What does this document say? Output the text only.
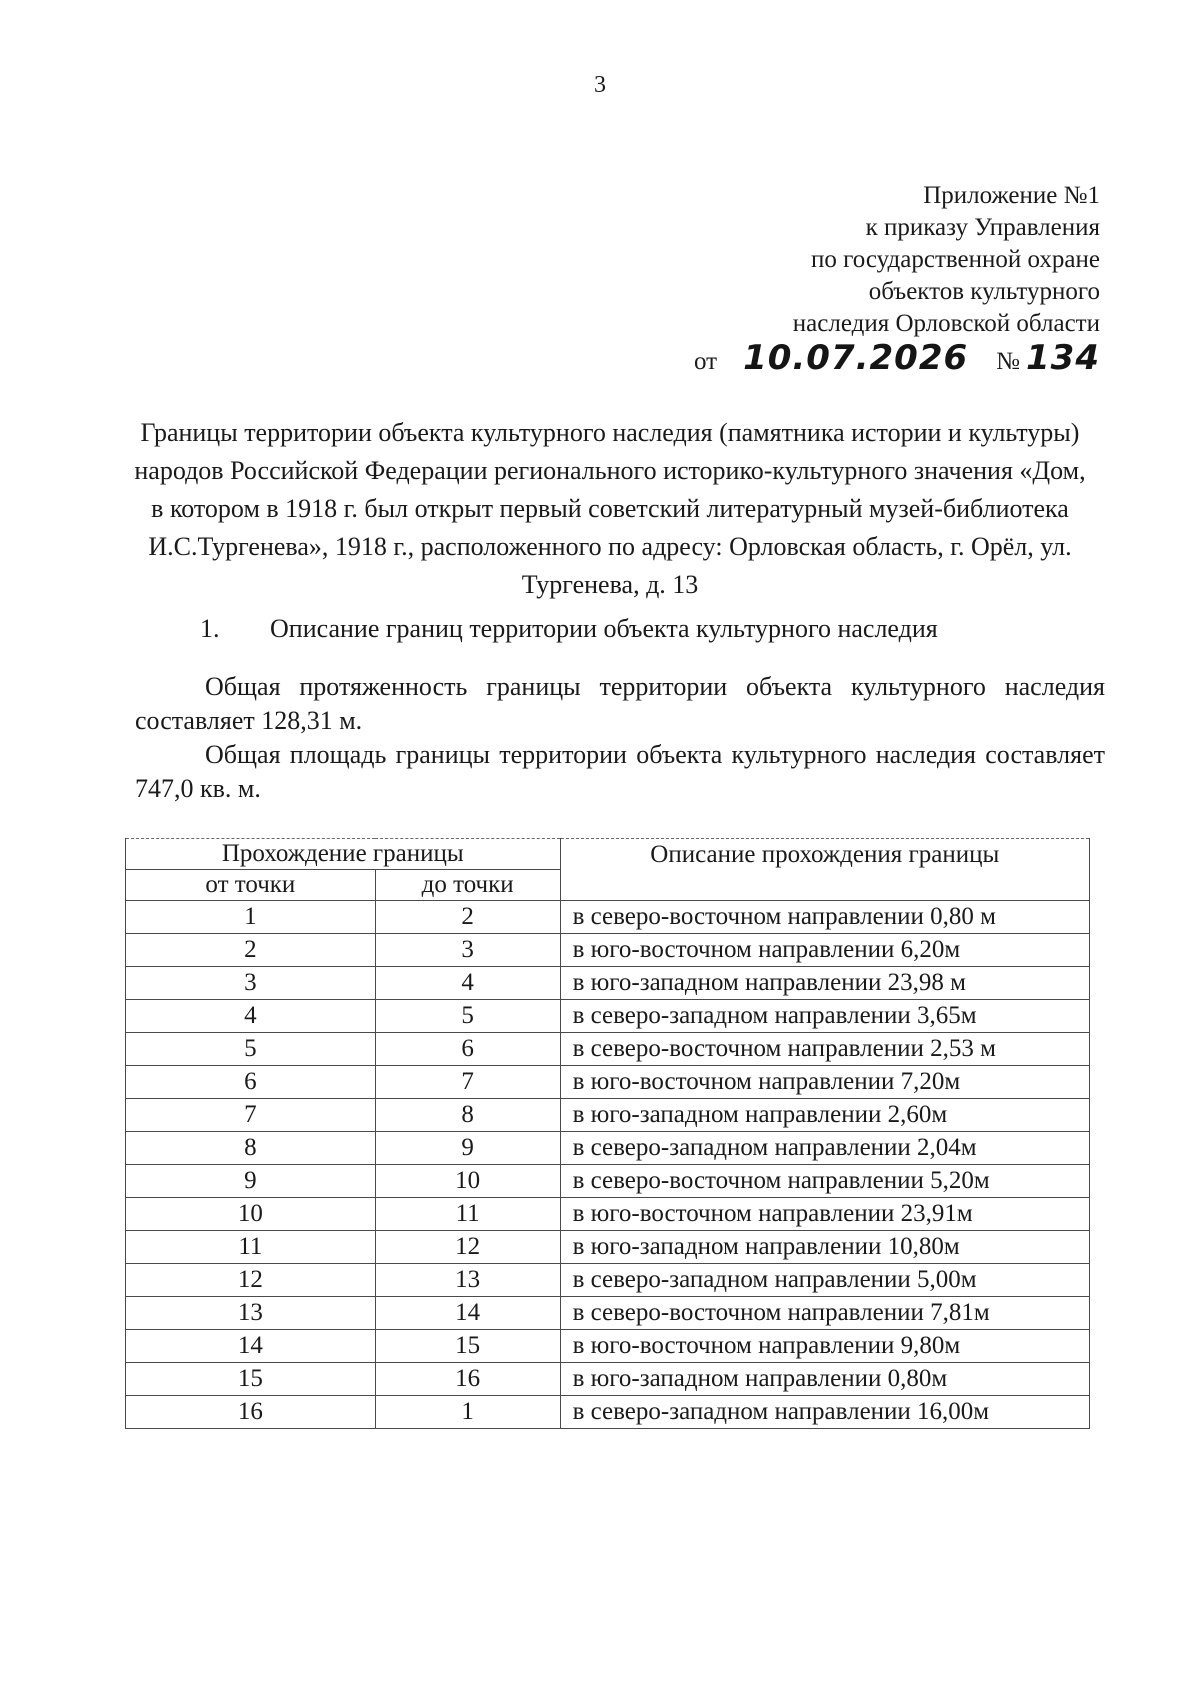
3
Приложение №1
к приказу Управления
по государственной охране
объектов культурного
наследия Орловской области
от 10.07.2026 № 134
Границы территории объекта культурного наследия (памятника истории и культуры) народов Российской Федерации регионального историко-культурного значения «Дом, в котором в 1918 г. был открыт первый советский литературный музей-библиотека И.С.Тургенева», 1918 г., расположенного по адресу: Орловская область, г. Орёл, ул. Тургенева, д. 13
1. Описание границ территории объекта культурного наследия
Общая протяженность границы территории объекта культурного наследия составляет 128,31 м.
Общая площадь границы территории объекта культурного наследия составляет 747,0 кв. м.
Прохождение границы		Описание прохождения границы
от точки	до точки	
1	2	в северо-восточном направлении 0,80 м
2	3	в юго-восточном направлении 6,20м
3	4	в юго-западном направлении 23,98 м
4	5	в северо-западном направлении 3,65м
5	6	в северо-восточном направлении 2,53 м
6	7	в юго-восточном направлении 7,20м
7	8	в юго-западном направлении 2,60м
8	9	в северо-западном направлении 2,04м
9	10	в северо-восточном направлении 5,20м
10	11	в юго-восточном направлении 23,91м
11	12	в юго-западном направлении 10,80м
12	13	в северо-западном направлении 5,00м
13	14	в северо-восточном направлении 7,81м
14	15	в юго-восточном направлении 9,80м
15	16	в юго-западном направлении 0,80м
16	1	в северо-западном направлении 16,00м
